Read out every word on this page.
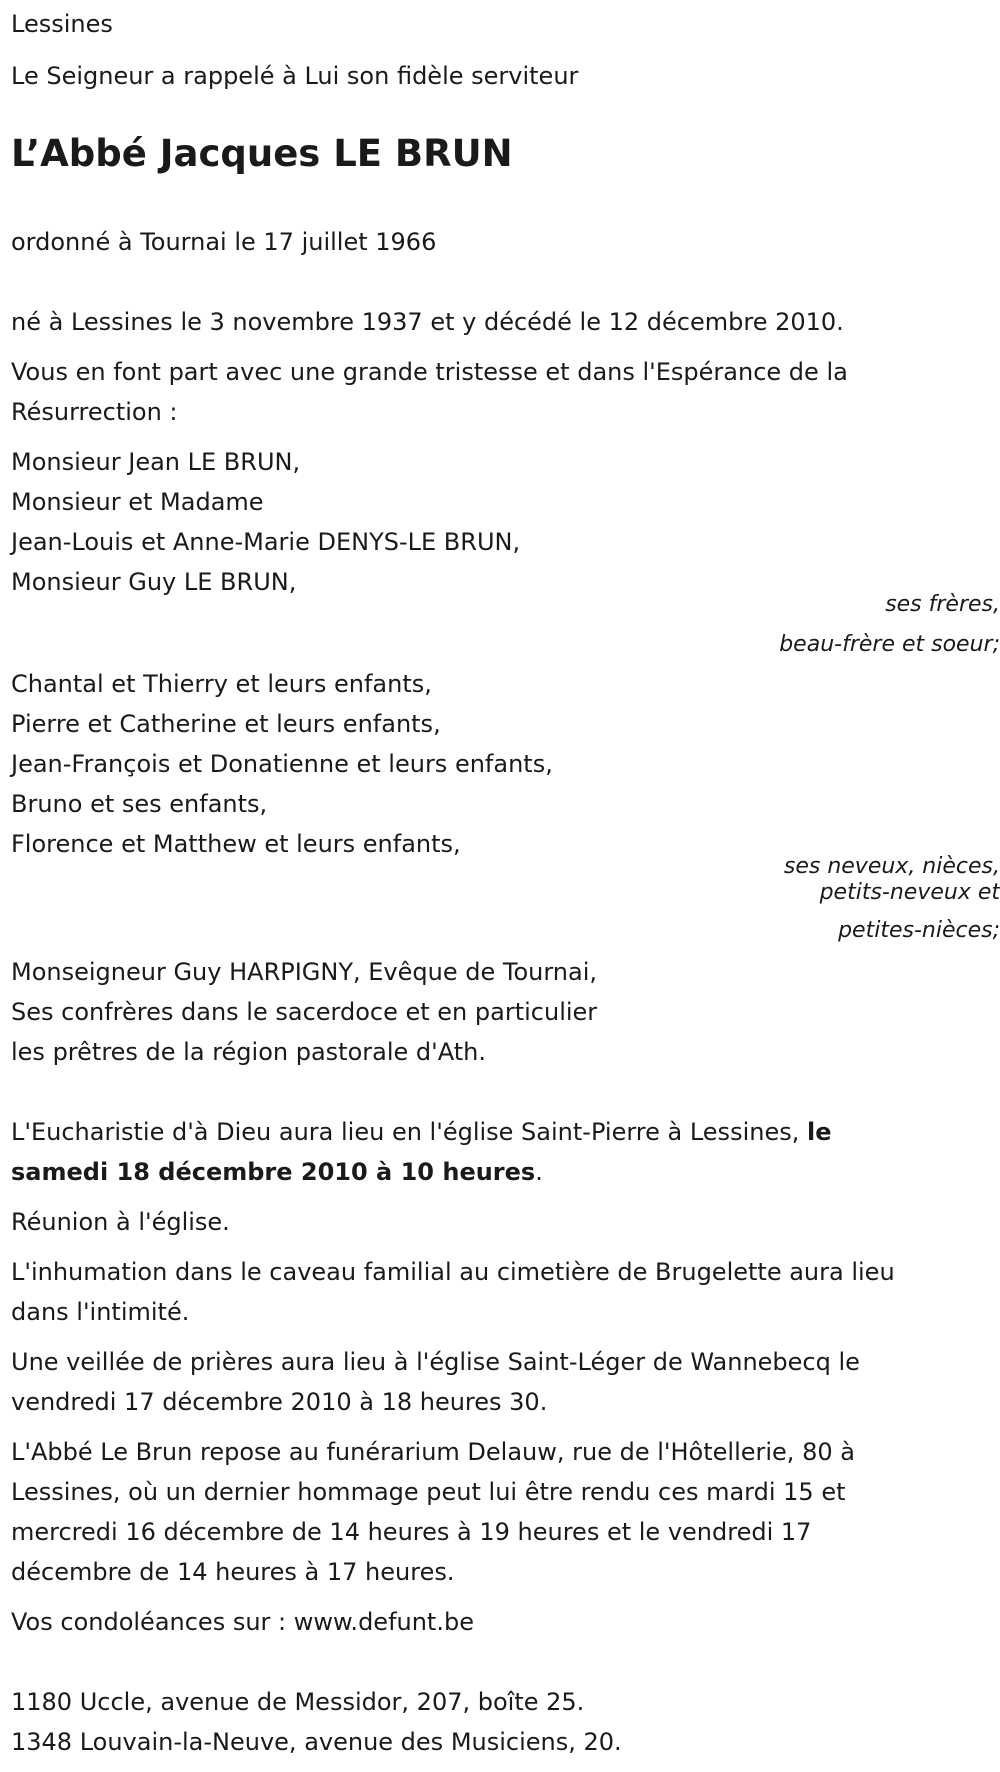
Lessines
Le Seigneur a rappelé à Lui son fidèle serviteur
L’Abbé Jacques LE BRUN
ordonné à Tournai le 17 juillet 1966
né à Lessines le 3 novembre 1937 et y décédé le 12 décembre 2010.
Vous en font part avec une grande tristesse et dans l'Espérance de la
Résurrection :
Monsieur Jean LE BRUN,
Monsieur et Madame
Jean-Louis et Anne-Marie DENYS-LE BRUN,
Monsieur Guy LE BRUN,
ses frères,
beau-frère et soeur;
Chantal et Thierry et leurs enfants,
Pierre et Catherine et leurs enfants,
Jean-François et Donatienne et leurs enfants,
Bruno et ses enfants,
Florence et Matthew et leurs enfants,
ses neveux, nièces,
petits-neveux et
petites-nièces;
Monseigneur Guy HARPIGNY, Evêque de Tournai,
Ses confrères dans le sacerdoce et en particulier
les prêtres de la région pastorale d'Ath.
L'Eucharistie d'à Dieu aura lieu en l'église Saint-Pierre à Lessines, le
samedi 18 décembre 2010 à 10 heures.
Réunion à l'église.
L'inhumation dans le caveau familial au cimetière de Brugelette aura lieu
dans l'intimité.
Une veillée de prières aura lieu à l'église Saint-Léger de Wannebecq le
vendredi 17 décembre 2010 à 18 heures 30.
L'Abbé Le Brun repose au funérarium Delauw, rue de l'Hôtellerie, 80 à
Lessines, où un dernier hommage peut lui être rendu ces mardi 15 et
mercredi 16 décembre de 14 heures à 19 heures et le vendredi 17
décembre de 14 heures à 17 heures.
Vos condoléances sur : www.defunt.be
1180 Uccle, avenue de Messidor, 207, boîte 25.
1348 Louvain-la-Neuve, avenue des Musiciens, 20.
